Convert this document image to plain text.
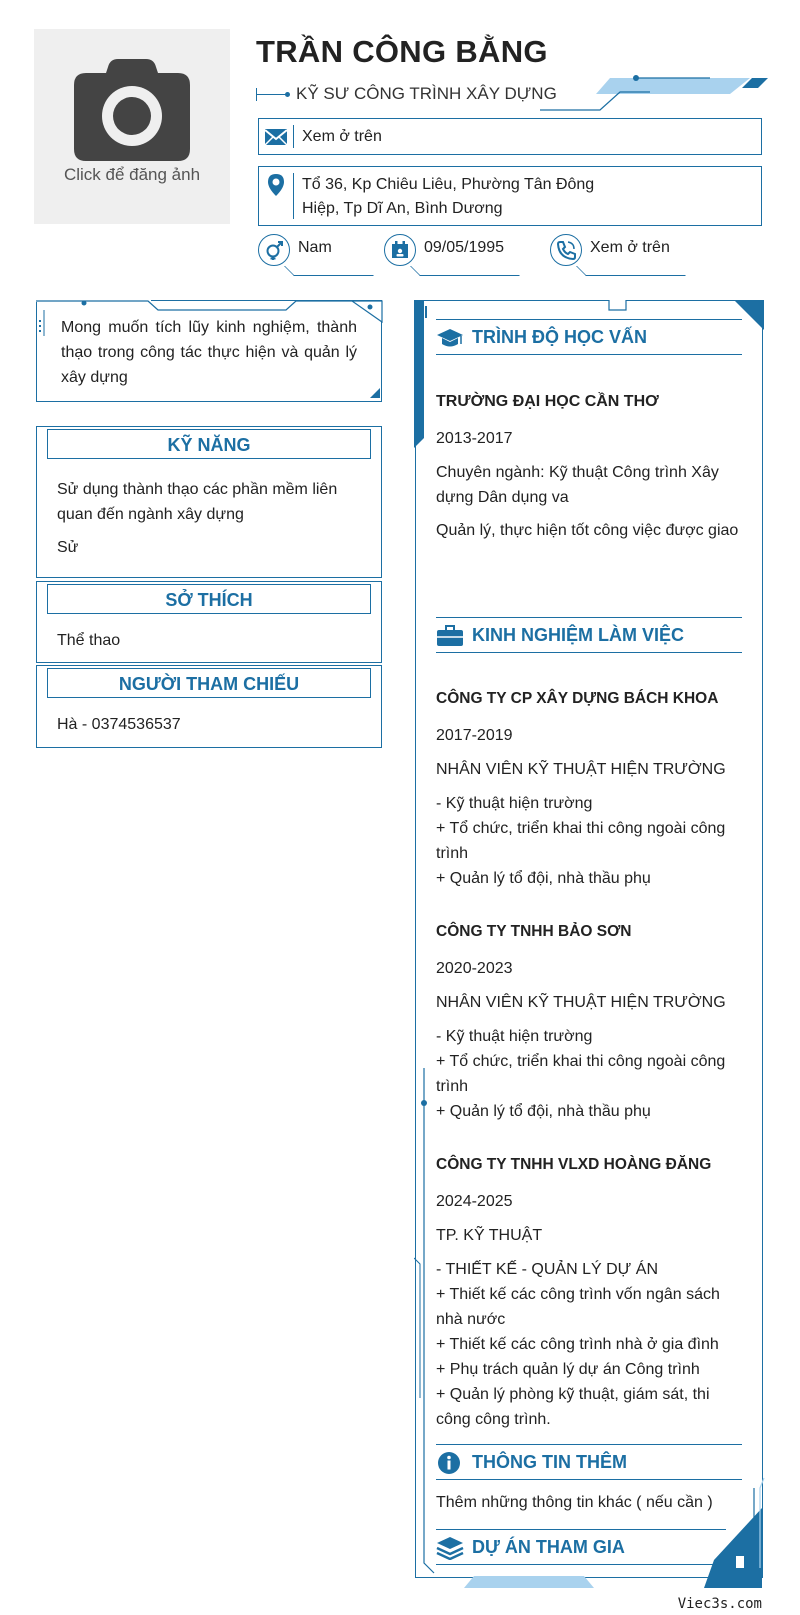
Click để đăng ảnh
TRẦN CÔNG BẰNG
KỸ SƯ CÔNG TRÌNH XÂY DỰNG
Xem ở trên
Tổ 36, Kp Chiêu Liêu, Phường Tân Đông
Hiệp, Tp Dĩ An, Bình Dương
Nam	09/05/1995	Xem ở trên
Mong muốn tích lũy kinh nghiệm, thành thạo trong công tác thực hiện và quản lý xây dựng
KỸ NĂNG

Sử dụng thành thạo các phần mềm liên quan đến ngành xây dựng

Sử

SỞ THÍCH

Thể thao

NGƯỜI THAM CHIẾU

Hà - 0374536537

TRÌNH ĐỘ HỌC VẤN
TRƯỜNG ĐẠI HỌC CẦN THƠ
2013-2017
Chuyên ngành: Kỹ thuật Công trình Xây dựng Dân dụng va
Quản lý, thực hiện tốt công việc được giao
KINH NGHIỆM LÀM VIỆC
CÔNG TY CP XÂY DỰNG BÁCH KHOA
2017-2019
NHÂN VIÊN KỸ THUẬT HIỆN TRƯỜNG
- Kỹ thuật hiện trường
+ Tổ chức, triển khai thi công ngoài công trình
+ Quản lý tổ đội, nhà thầu phụ
CÔNG TY TNHH BẢO SƠN
2020-2023
NHÂN VIÊN KỸ THUẬT HIỆN TRƯỜNG
- Kỹ thuật hiện trường
+ Tổ chức, triển khai thi công ngoài công trình
+ Quản lý tổ đội, nhà thầu phụ
CÔNG TY TNHH VLXD HOÀNG ĐĂNG
2024-2025
TP. KỸ THUẬT
- THIẾT KẾ - QUẢN LÝ DỰ ÁN
+ Thiết kế các công trình vốn ngân sách nhà nước
+ Thiết kế các công trình nhà ở gia đình
+ Phụ trách quản lý dự án Công trình
+ Quản lý phòng kỹ thuật, giám sát, thi công công trình.
THÔNG TIN THÊM
Thêm những thông tin khác ( nếu cần )
DỰ ÁN THAM GIA
Viec3s.com
